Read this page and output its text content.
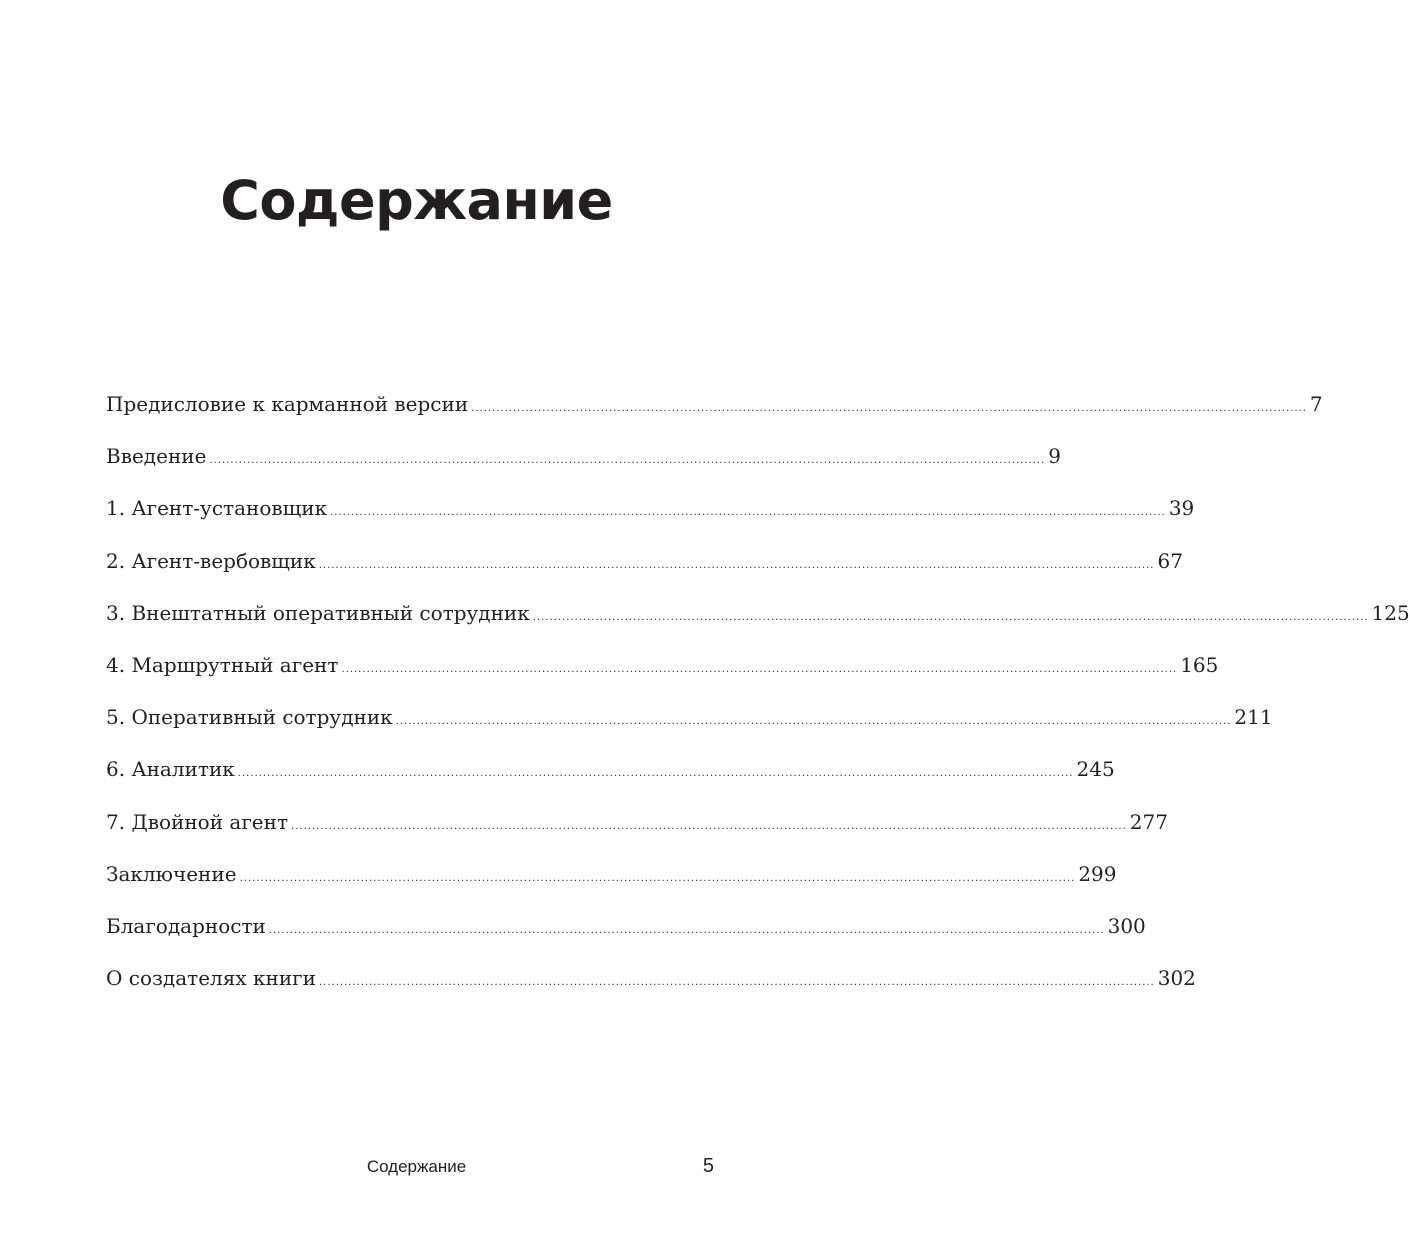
Содержание
Предисловие к карманной версии ........................................................................................................................................................................................................ 7
Введение ........................................................................................................................................................................................................ 9
1. Агент-установщик ........................................................................................................................................................................................................ 39
2. Агент-вербовщик ........................................................................................................................................................................................................ 67
3. Внештатный оперативный сотрудник ........................................................................................................................................................................................................ 125
4. Маршрутный агент ........................................................................................................................................................................................................ 165
5. Оперативный сотрудник ........................................................................................................................................................................................................ 211
6. Аналитик ........................................................................................................................................................................................................ 245
7. Двойной агент ........................................................................................................................................................................................................ 277
Заключение ........................................................................................................................................................................................................ 299
Благодарности ........................................................................................................................................................................................................ 300
О создателях книги ........................................................................................................................................................................................................ 302
Содержание	5
